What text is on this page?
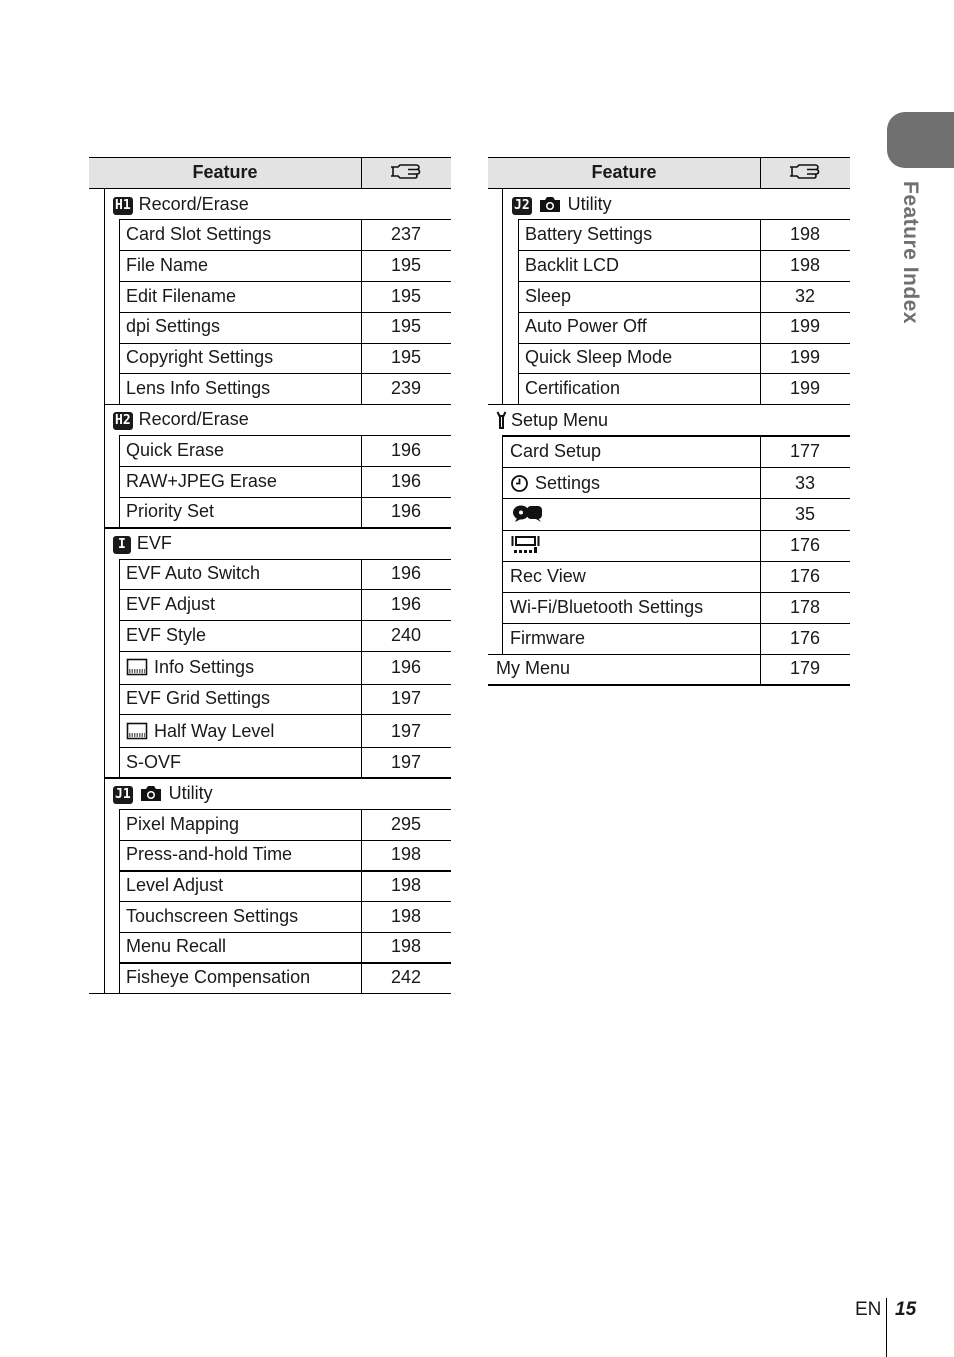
Feature
H1 Record/Erase
Card Slot Settings	237
File Name	195
Edit Filename	195
dpi Settings	195
Copyright Settings	195
Lens Info Settings	239
H2 Record/Erase
Quick Erase	196
RAW+JPEG Erase	196
Priority Set	196
I EVF
EVF Auto Switch	196
EVF Adjust	196
EVF Style	240
Info Settings	196
EVF Grid Settings	197
Half Way Level	197
S-OVF	197
J1 Utility
Pixel Mapping	295
Press-and-hold Time	198
Level Adjust	198
Touchscreen Settings	198
Menu Recall	198
Fisheye Compensation	242
Feature
J2 Utility
Battery Settings	198
Backlit LCD	198
Sleep	32
Auto Power Off	199
Quick Sleep Mode	199
Certification	199
Setup Menu
Card Setup	177
Settings	33
35
176
Rec View	176
Wi-Fi/Bluetooth Settings	178
Firmware	176
My Menu	179
Feature Index
EN 15
